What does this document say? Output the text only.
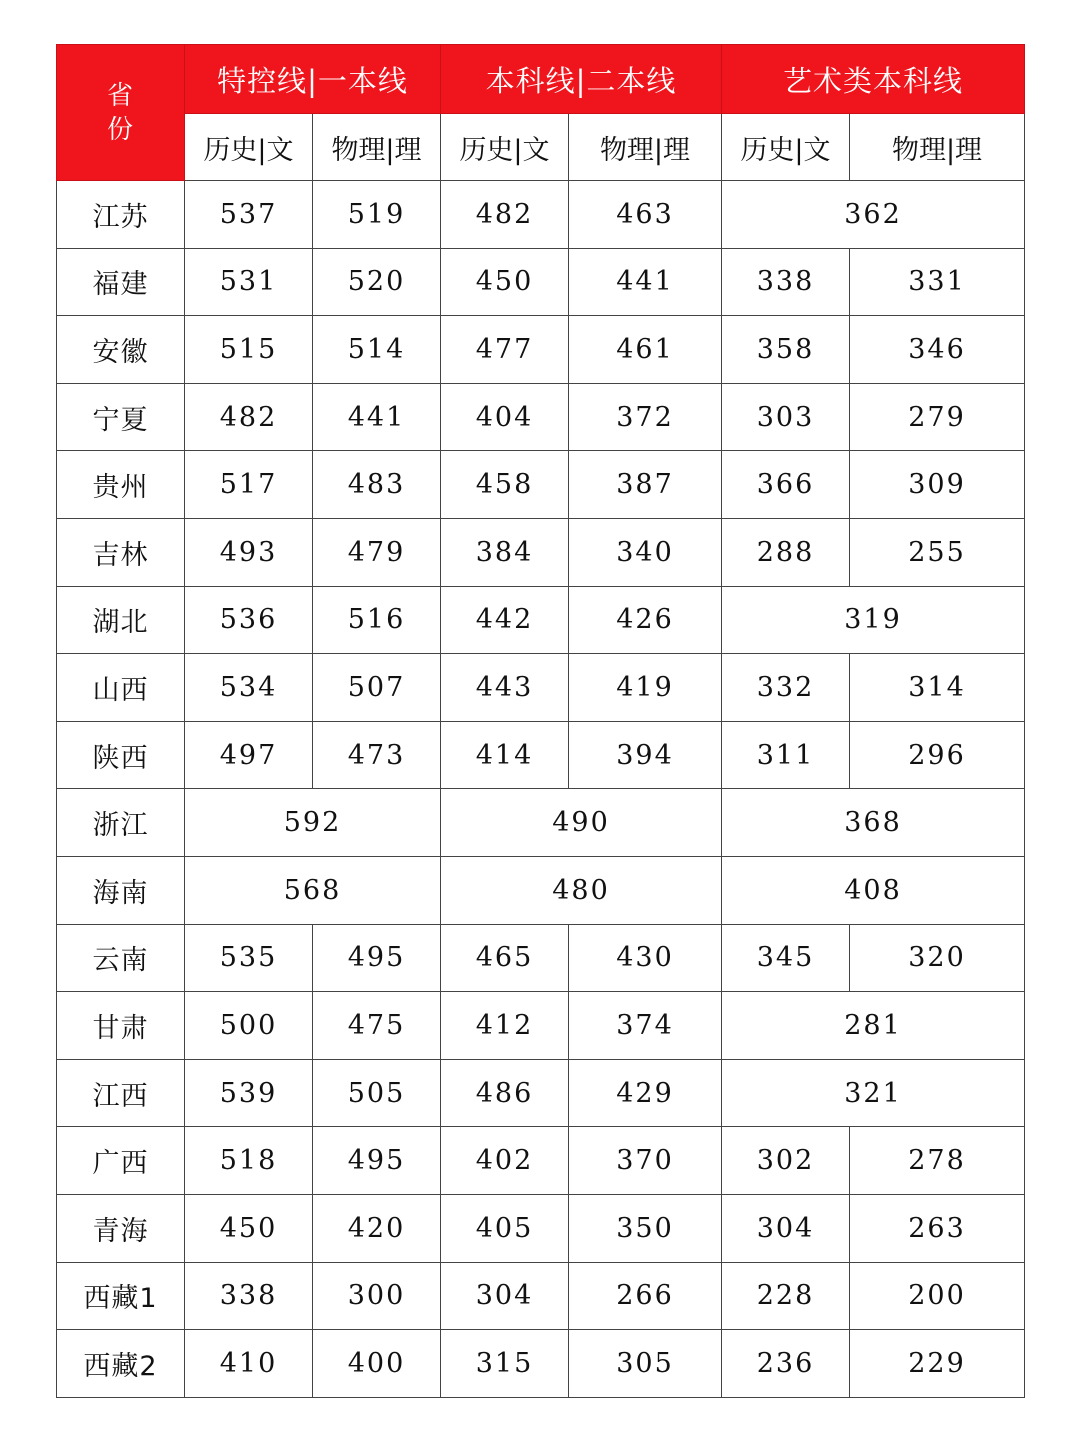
省
份	特控线|一本线		本科线|二本线		艺术类本科线	
	历史|文	物理|理	历史|文	物理|理	历史|文	物理|理
江苏	537	519	482	463	362	
福建	531	520	450	441	338	331
安徽	515	514	477	461	358	346
宁夏	482	441	404	372	303	279
贵州	517	483	458	387	366	309
吉林	493	479	384	340	288	255
湖北	536	516	442	426	319	
山西	534	507	443	419	332	314
陕西	497	473	414	394	311	296
浙江	592		490		368	
海南	568		480		408	
云南	535	495	465	430	345	320
甘肃	500	475	412	374	281	
江西	539	505	486	429	321	
广西	518	495	402	370	302	278
青海	450	420	405	350	304	263
西藏1	338	300	304	266	228	200
西藏2	410	400	315	305	236	229
